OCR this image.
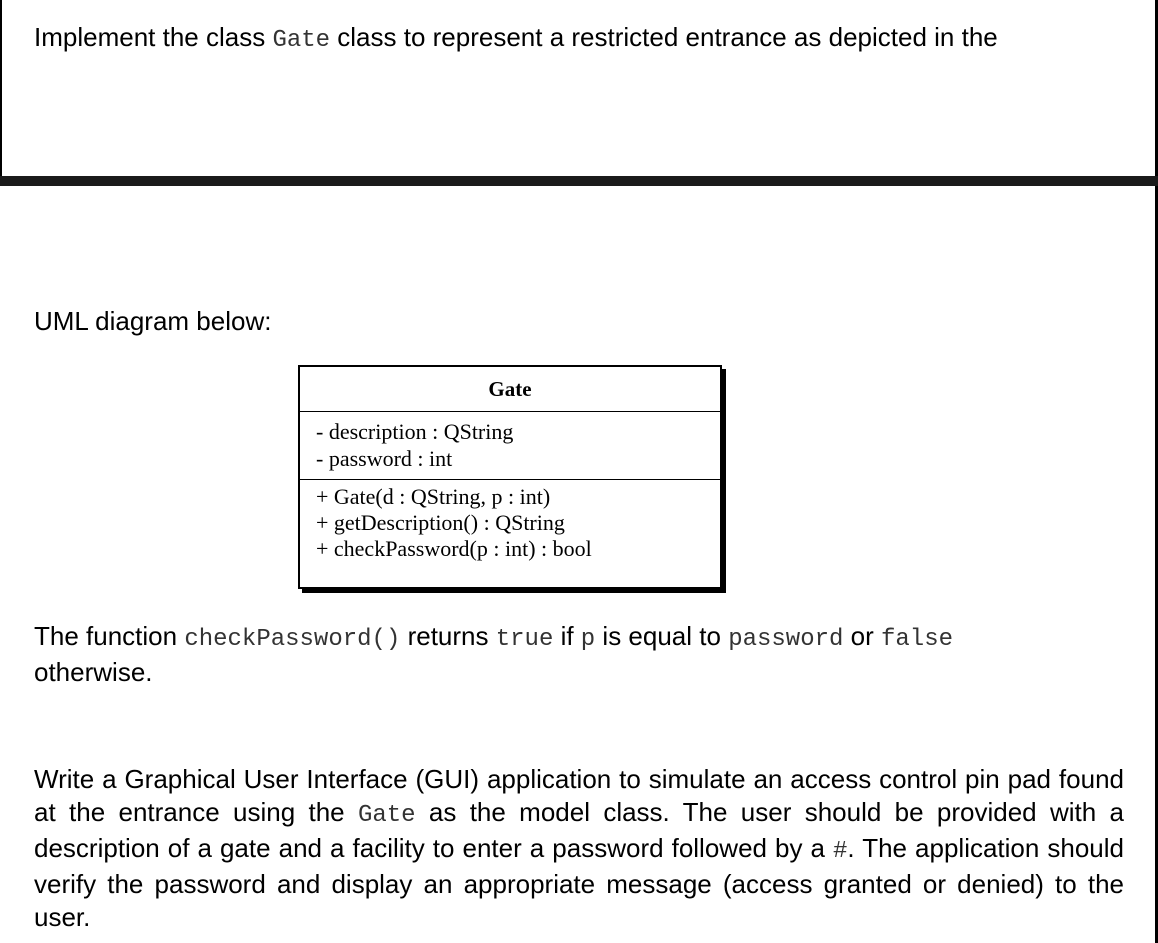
Implement the class Gate class to represent a restricted entrance as depicted in the
UML diagram below:
Gate
- description : QString
- password : int
+ Gate(d : QString, p : int)
+ getDescription() : QString
+ checkPassword(p : int) : bool
The function checkPassword() returns true if p is equal to password or false
otherwise.
Write a Graphical User Interface (GUI) application to simulate an access control pin pad found at the entrance using the Gate as the model class. The user should be provided with a description of a gate and a facility to enter a password followed by a #. The application should verify the password and display an appropriate message (access granted or denied) to the user.
